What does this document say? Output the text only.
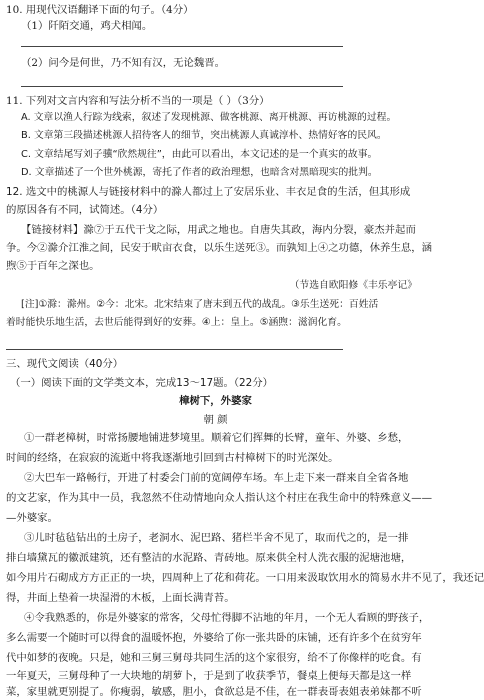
10. 用现代汉语翻译下面的句子。（4分）
（1）阡陌交通，鸡犬相闻。
（2）问今是何世，乃不知有汉，无论魏晋。
11. 下列对文言内容和写法分析不当的一项是（ ）（3分）
A. 文章以渔人行踪为线索，叙述了发现桃源、做客桃源、离开桃源、再访桃源的过程。
B. 文章第三段描述桃源人招待客人的细节，突出桃源人真诚淳朴、热情好客的民风。
C. 文章结尾写刘子骥“欣然规往”，由此可以看出，本文记述的是一个真实的故事。
D. 文章描述了一个世外桃源，寄托了作者的政治理想，也暗含对黑暗现实的批判。
12. 选文中的桃源人与链接材料中的滁人都过上了安居乐业、丰衣足食的生活，但其形成
的原因各有不同，试简述。（4分）
【链接材料】滁⑦于五代干戈之际，用武之地也。自唐失其政，海内分裂，豪杰并起而
争。今②滁介江淮之间，民安于畎亩衣食，以乐生送死③。而孰知上④之功德，休养生息，涵
煦⑤于百年之深也。
（节选自欧阳修《丰乐亭记》
[注]①滁：滁州。②今：北宋。北宋结束了唐末到五代的战乱。③乐生送死：百姓活
着时能快乐地生活，去世后能得到好的安葬。④上：皇上。⑤涵煦：滋润化育。
三、现代文阅读（40分）
（一）阅读下面的文学类文本，完成13～17题。（22分）
樟树下，外婆家
朝 颜
①一群老樟树，时常扬腰地铺进梦境里。顺着它们挥舞的长臂，童年、外婆、乡愁，
时间的经络，在寂寂的流逝中将我逐渐地引回到古村樟树下的时光深处。
②大巴车一路畅行，开进了村委会门前的宽阔停车场。车上走下来一群来自全省各地
的文艺家，作为其中一员，我忽然不住动情地向众人指认这个村庄在我生命中的特殊意义——
—外婆家。
③儿时毡毡钻出的土房子，老洞水、泥巴路、猪栏半舍不见了，取而代之的，是一排
排白墙黛瓦的徽派建筑，还有整洁的水泥路、青砖地。原来供全村人洗衣服的泥塘池塘，
如今用片石砌成方方正正的一块，四周种上了花和荷花。一口用来汲取饮用水的简易水井不见了，我还记
得，井面上垫着一块湿滑的木板，上面长满青苔。
④令我熟悉的，你是外婆家的常客，父母忙得脚不沾地的年月，一个无人看顾的野孩子，
多么需要一个随时可以得食的温暖怀抱，外婆给了你一张共卧的床铺，还有许多个在贫穷年
代中如梦的夜晚。只是，她和三舅三舅母共同生活的这个家很穷，给不了你像样的吃食。有
一年夏天，三舅母种了一大块地的胡萝卜，于是到了收获季节，餐桌上便每天都是这一样
菜，家里就更别提了。你瘦弱，敏感，胆小，食欲总是不佳，在一群表哥表姐表弟妹都不听
